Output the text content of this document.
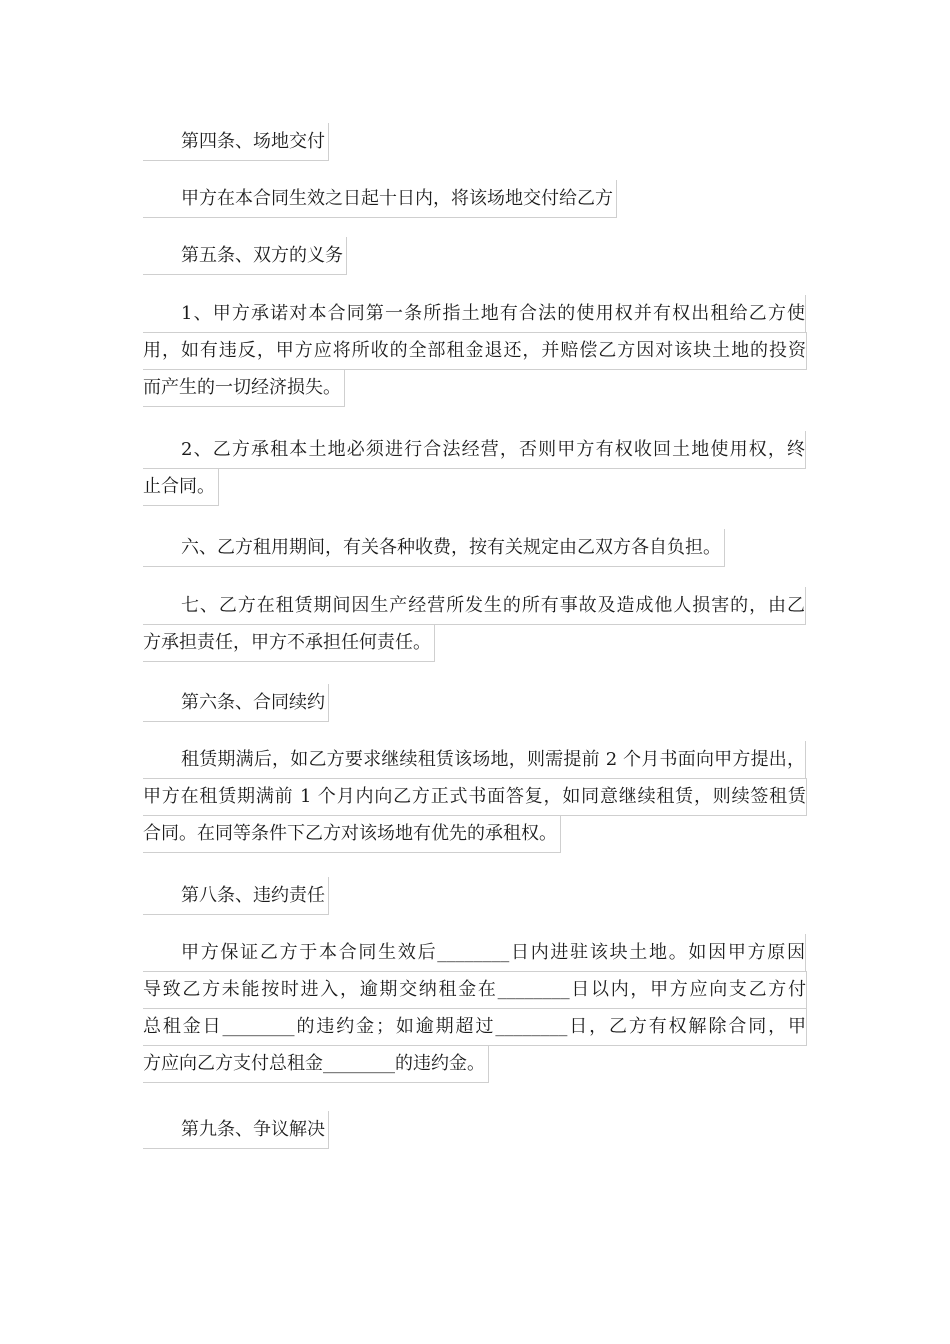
第四条、场地交付
甲方在本合同生效之日起十日内，将该场地交付给乙方
第五条、双方的义务
1、甲方承诺对本合同第一条所指土地有合法的使用权并有权出租给乙方使
用，如有违反，甲方应将所收的全部租金退还，并赔偿乙方因对该块土地的投资
而产生的一切经济损失。
2、乙方承租本土地必须进行合法经营，否则甲方有权收回土地使用权，终
止合同。
六、乙方租用期间，有关各种收费，按有关规定由乙双方各自负担。
七、乙方在租赁期间因生产经营所发生的所有事故及造成他人损害的，由乙
方承担责任，甲方不承担任何责任。
第六条、合同续约
租赁期满后，如乙方要求继续租赁该场地，则需提前 2 个月书面向甲方提出，
甲方在租赁期满前 1 个月内向乙方正式书面答复，如同意继续租赁，则续签租赁
合同。在同等条件下乙方对该场地有优先的承租权。
第八条、违约责任
甲方保证乙方于本合同生效后________日内进驻该块土地。如因甲方原因
导致乙方未能按时进入，逾期交纳租金在________日以内，甲方应向支乙方付
总租金日________的违约金；如逾期超过________日，乙方有权解除合同，甲
方应向乙方支付总租金________的违约金。
第九条、争议解决
